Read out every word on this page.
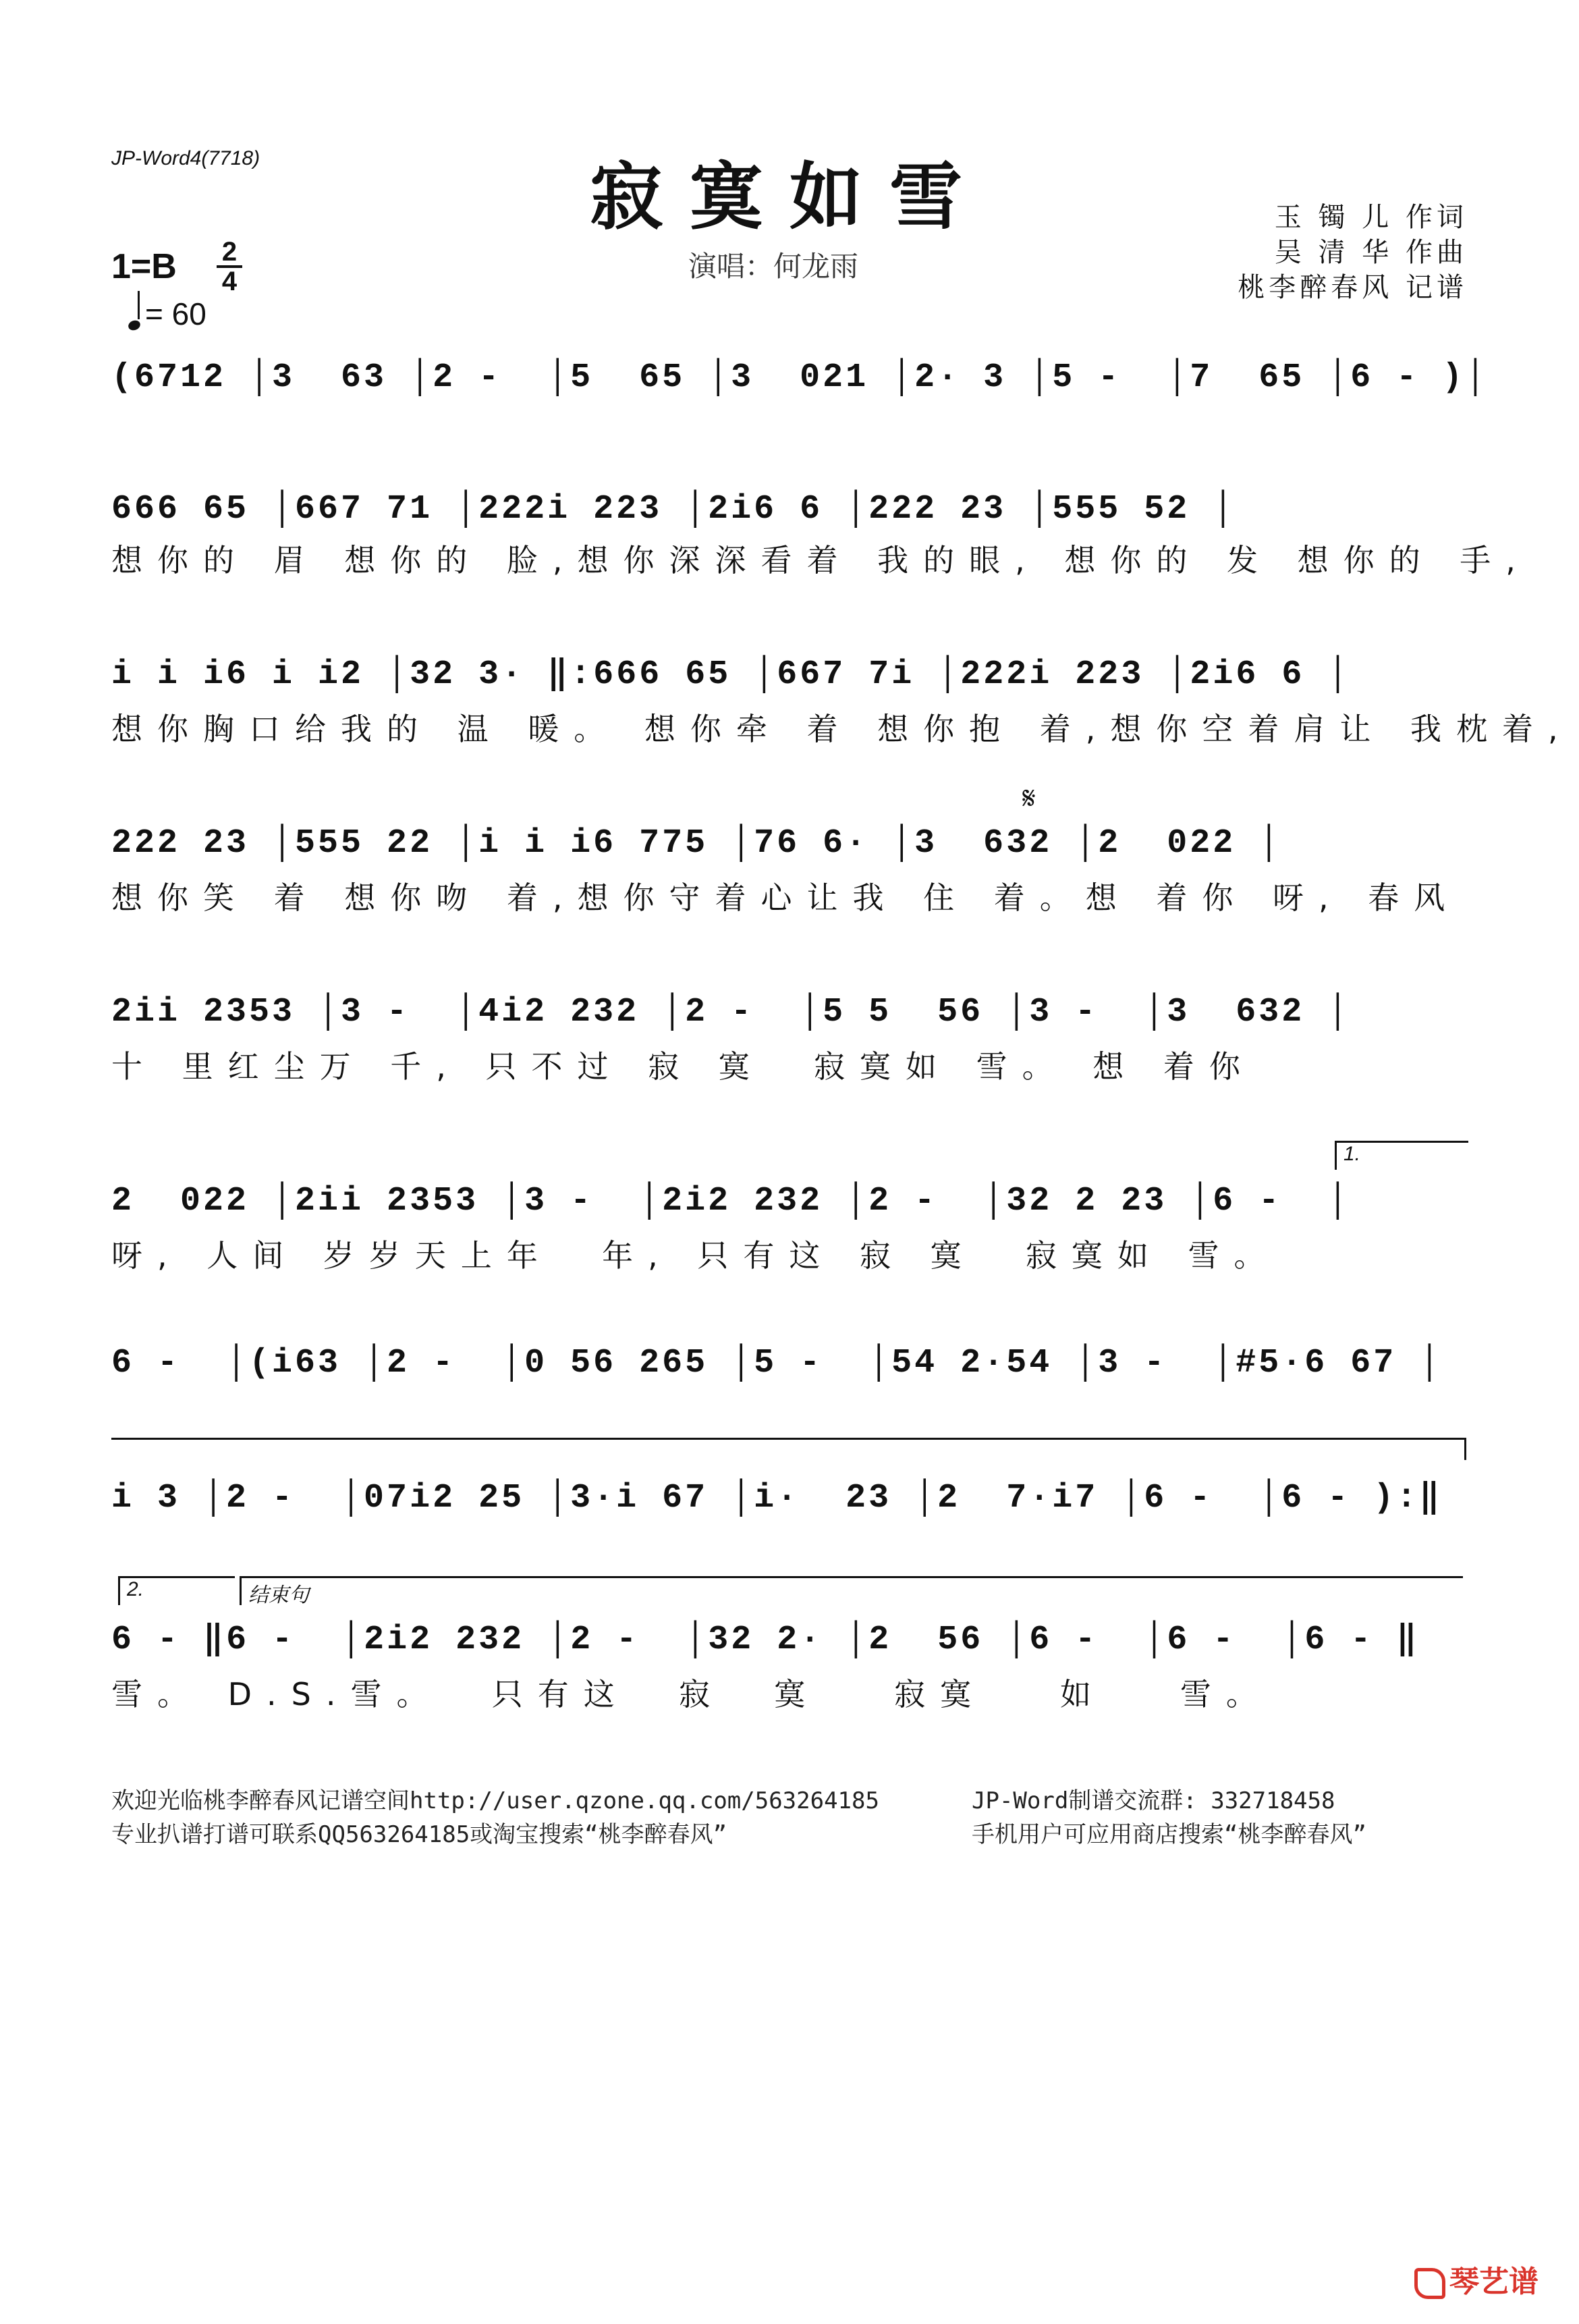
JP-Word4(7718)	寂寞如雪
演唱：何龙雨
玉 镯 儿 作词
吴 清 华 作曲
桃李醉春风 记谱
1=B	2
4
= 60
(6712 │3  63 │2 -  │5  65 │3  021 │2· 3 │5 -  │7  65 │6 - )│
666 65 │667 71 │222i 223 │2i6 6 │222 23 │555 52 │
想你的 眉 想你的 脸,想你深深看着 我的眼, 想你的 发 想你的 手,
i i i6 i i2 │32 3· ‖:666 65 │667 7i │222i 223 │2i6 6 │
想你胸口给我的 温 暖。 想你牵 着 想你抱 着,想你空着肩让 我枕着,
𝄋
222 23 │555 22 │i i i6 775 │76 6· │3  632 │2  022 │
想你笑 着 想你吻 着,想你守着心让我 住 着。想 着你 呀, 春风
2ii 2353 │3 -  │4i2 232 │2 -  │5 5  56 │3 -  │3  632 │
十 里红尘万 千, 只不过 寂 寞  寂寞如 雪。 想 着你
1.
2  022 │2ii 2353 │3 -  │2i2 232 │2 -  │32 2 23 │6 -  │
呀, 人间 岁岁天上年  年, 只有这 寂 寞  寂寞如 雪。
6 -  │(i63 │2 -  │0 56 265 │5 -  │54 2·54 │3 -  │#5·6 67 │
i 3 │2 -  │07i2 25 │3·i 67 │i·  23 │2  7·i7 │6 -  │6 - ):‖
2.	结束句
6 - ‖6 -  │2i2 232 │2 -  │32 2· │2  56 │6 -  │6 -  │6 - ‖
雪。 D.S.雪。  只有这  寂  寞   寂寞   如   雪。
欢迎光临桃李醉春风记谱空间http://user.qzone.qq.com/563264185	JP-Word制谱交流群: 332718458
专业扒谱打谱可联系QQ563264185或淘宝搜索“桃李醉春风”	手机用户可应用商店搜索“桃李醉春风”
琴艺谱
